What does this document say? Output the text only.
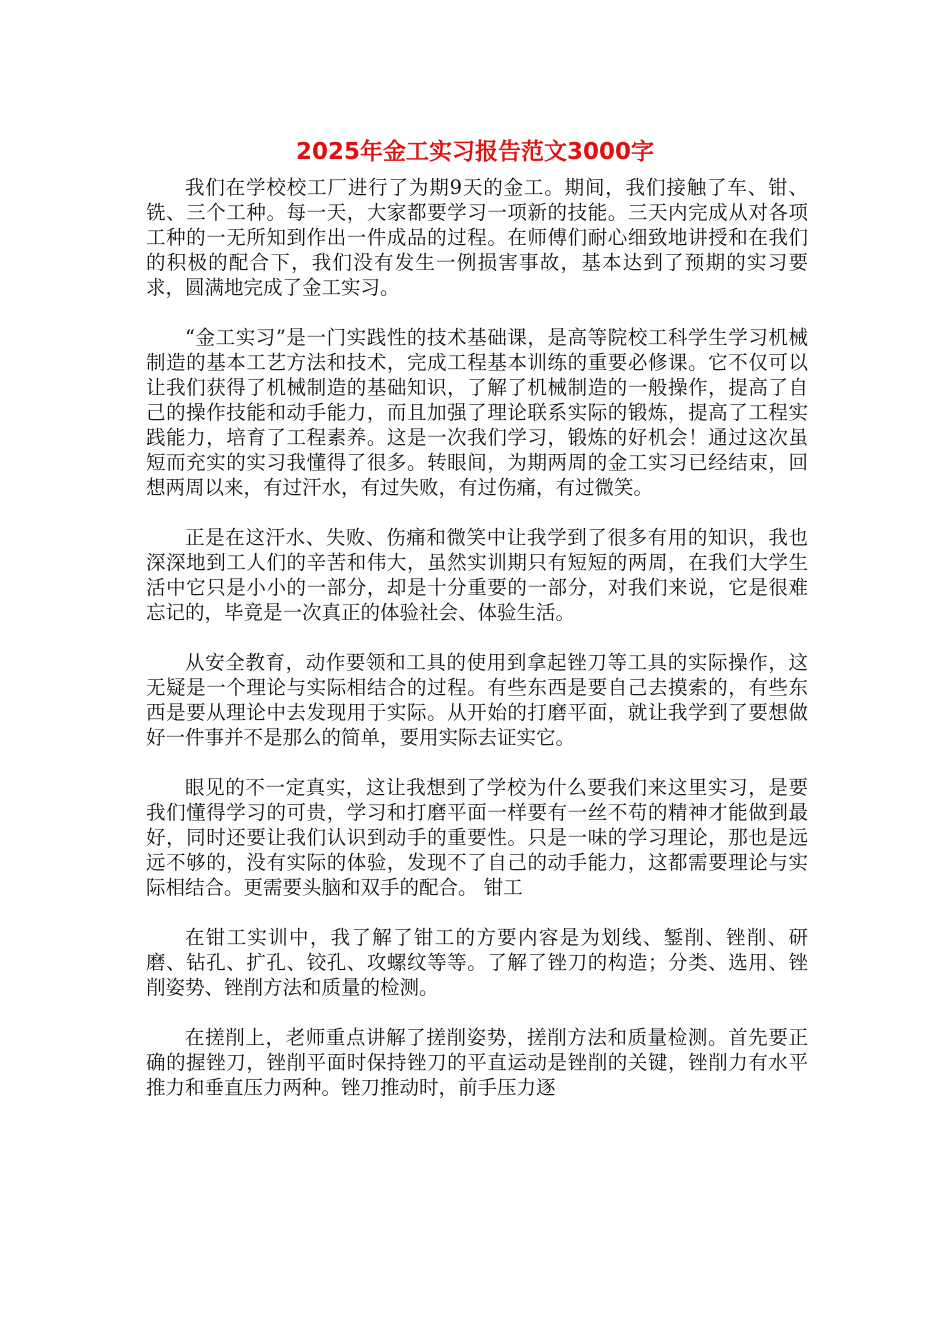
2025年金工实习报告范文3000字

我们在学校校工厂进行了为期9天的金工。期间，我们接触了车、钳、铣、三个工种。每一天，大家都要学习一项新的技能。三天内完成从对各项工种的一无所知到作出一件成品的过程。在师傅们耐心细致地讲授和在我们的积极的配合下，我们没有发生一例损害事故，基本达到了预期的实习要求，圆满地完成了金工实习。

“金工实习”是一门实践性的技术基础课，是高等院校工科学生学习机械制造的基本工艺方法和技术，完成工程基本训练的重要必修课。它不仅可以让我们获得了机械制造的基础知识，了解了机械制造的一般操作，提高了自己的操作技能和动手能力，而且加强了理论联系实际的锻炼，提高了工程实践能力，培育了工程素养。这是一次我们学习，锻炼的好机会！通过这次虽短而充实的实习我懂得了很多。转眼间，为期两周的金工实习已经结束，回想两周以来，有过汗水，有过失败，有过伤痛，有过微笑。

正是在这汗水、失败、伤痛和微笑中让我学到了很多有用的知识，我也深深地到工人们的辛苦和伟大，虽然实训期只有短短的两周，在我们大学生活中它只是小小的一部分，却是十分重要的一部分，对我们来说，它是很难忘记的，毕竟是一次真正的体验社会、体验生活。

从安全教育，动作要领和工具的使用到拿起锉刀等工具的实际操作，这无疑是一个理论与实际相结合的过程。有些东西是要自己去摸索的，有些东西是要从理论中去发现用于实际。从开始的打磨平面，就让我学到了要想做好一件事并不是那么的简单，要用实际去证实它。

眼见的不一定真实，这让我想到了学校为什么要我们来这里实习，是要我们懂得学习的可贵，学习和打磨平面一样要有一丝不苟的精神才能做到最好，同时还要让我们认识到动手的重要性。只是一味的学习理论，那也是远远不够的，没有实际的体验，发现不了自己的动手能力，这都需要理论与实际相结合。更需要头脑和双手的配合。 钳工

在钳工实训中，我了解了钳工的方要内容是为划线、錾削、锉削、研磨、钻孔、扩孔、铰孔、攻螺纹等等。了解了锉刀的构造；分类、选用、锉削姿势、锉削方法和质量的检测。

在搓削上，老师重点讲解了搓削姿势，搓削方法和质量检测。首先要正确的握锉刀，锉削平面时保持锉刀的平直运动是锉削的关键，锉削力有水平推力和垂直压力两种。锉刀推动时，前手压力逐
